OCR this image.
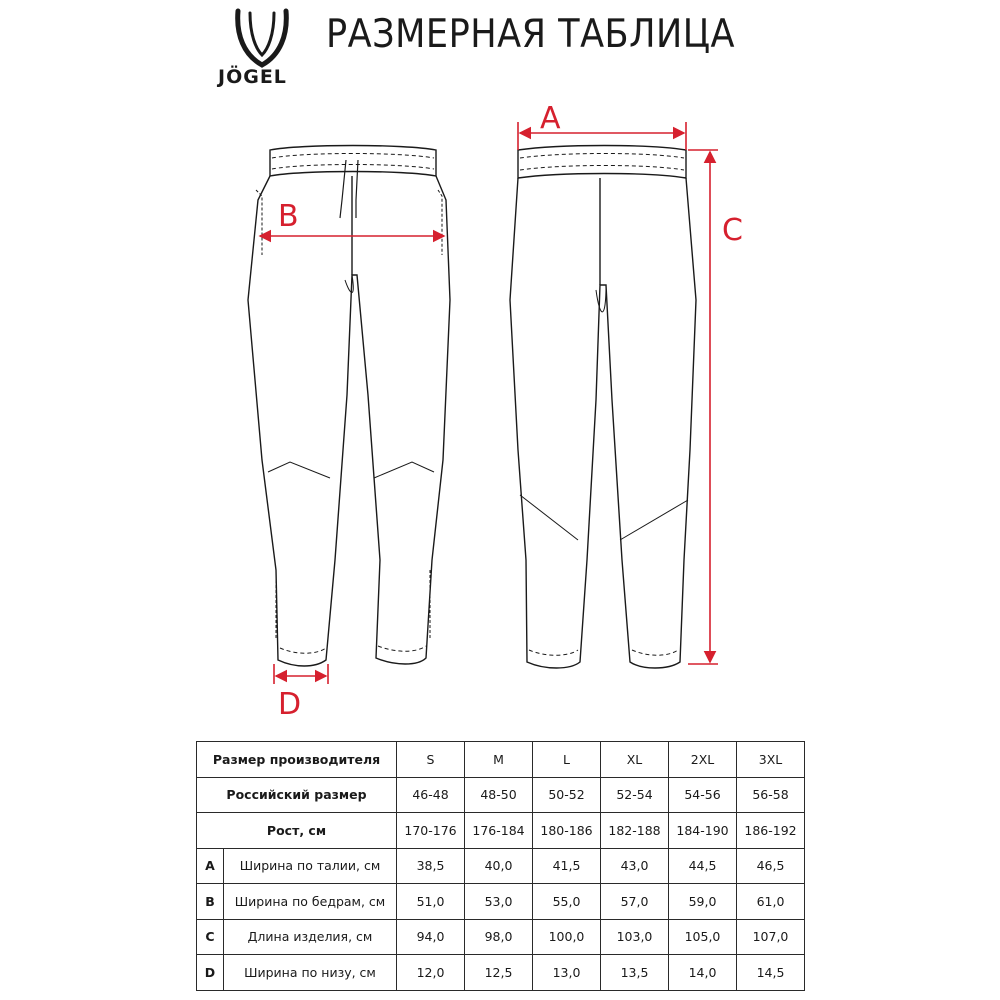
JÖGEL
РАЗМЕРНАЯ ТАБЛИЦА
A
B	C
D
Размер производителя		S	M	L	XL	2XL	3XL
Российский размер		46-48	48-50	50-52	52-54	54-56	56-58
Рост, см		170-176	176-184	180-186	182-188	184-190	186-192
A	Ширина по талии, см	38,5	40,0	41,5	43,0	44,5	46,5
B	Ширина по бедрам, см	51,0	53,0	55,0	57,0	59,0	61,0
C	Длина изделия, см	94,0	98,0	100,0	103,0	105,0	107,0
D	Ширина по низу, см	12,0	12,5	13,0	13,5	14,0	14,5
